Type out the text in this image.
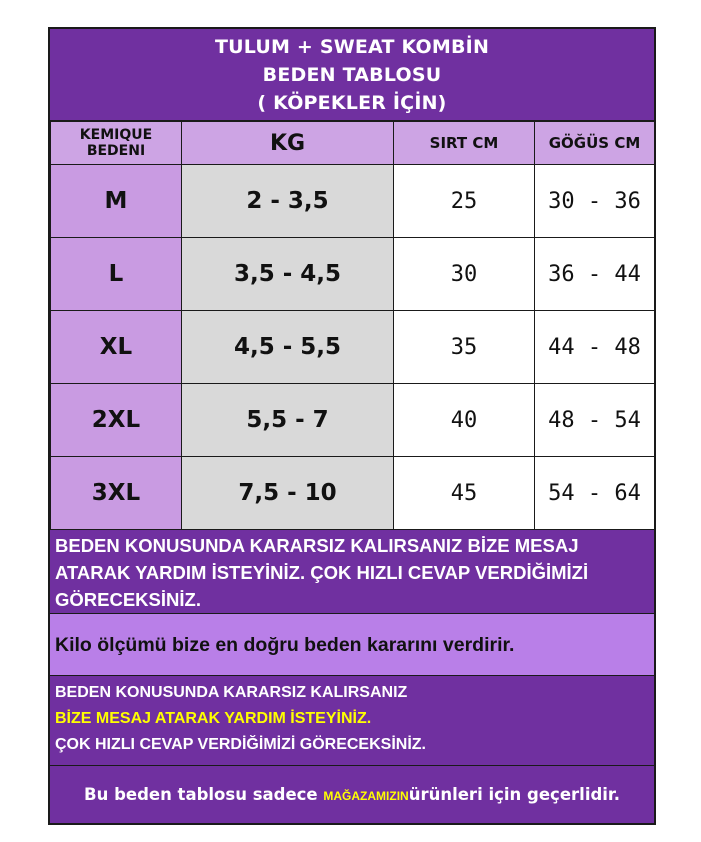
TULUM + SWEAT KOMBİN
BEDEN TABLOSU
( KÖPEKLER İÇİN)
KEMIQUE
BEDENI	KG	SIRT CM	GÖĞÜS CM
M	2 - 3,5	25	30 - 36
L	3,5 - 4,5	30	36 - 44
XL	4,5 - 5,5	35	44 - 48
2XL	5,5 - 7	40	48 - 54
3XL	7,5 - 10	45	54 - 64
BEDEN KONUSUNDA KARARSIZ KALIRSANIZ BİZE MESAJ
ATARAK YARDIM İSTEYİNİZ. ÇOK HIZLI CEVAP VERDİĞİMİZİ
GÖRECEKSİNİZ.
Kilo ölçümü bize en doğru beden kararını verdirir.
BEDEN KONUSUNDA KARARSIZ KALIRSANIZ
BİZE MESAJ ATARAK YARDIM İSTEYİNİZ.
ÇOK HIZLI CEVAP VERDİĞİMİZİ GÖRECEKSİNİZ.
Bu beden tablosu sadece MAĞAZAMIZINürünleri için geçerlidir.
